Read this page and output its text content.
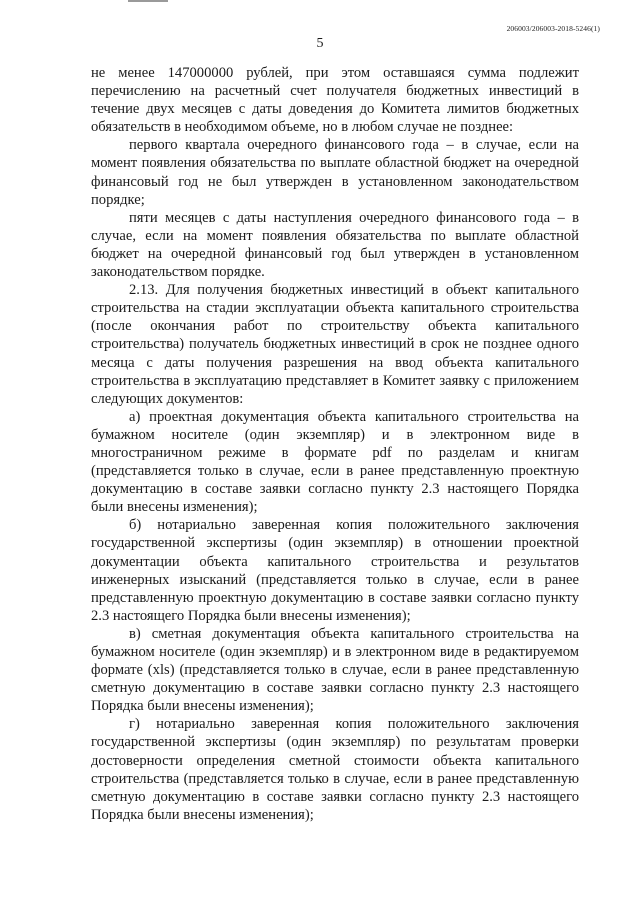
206003/206003-2018-5246(1)
5

не менее 147000000 рублей, при этом оставшаяся сумма подлежит перечислению на расчетный счет получателя бюджетных инвестиций в течение двух месяцев с даты доведения до Комитета лимитов бюджетных обязательств в необходимом объеме, но в любом случае не позднее:

первого квартала очередного финансового года – в случае, если на момент появления обязательства по выплате областной бюджет на очередной финансовый год не был утвержден в установленном законодательством порядке;

пяти месяцев с даты наступления очередного финансового года – в случае, если на момент появления обязательства по выплате областной бюджет на очередной финансовый год был утвержден в установленном законодательством порядке.

2.13. Для получения бюджетных инвестиций в объект капитального строительства на стадии эксплуатации объекта капитального строительства (после окончания работ по строительству объекта капитального строительства) получатель бюджетных инвестиций в срок не позднее одного месяца с даты получения разрешения на ввод объекта капитального строительства в эксплуатацию представляет в Комитет заявку с приложением следующих документов:

а) проектная документация объекта капитального строительства на бумажном носителе (один экземпляр) и в электронном виде в многостраничном режиме в формате pdf по разделам и книгам (представляется только в случае, если в ранее представленную проектную документацию в составе заявки согласно пункту 2.3 настоящего Порядка были внесены изменения);

б) нотариально заверенная копия положительного заключения государственной экспертизы (один экземпляр) в отношении проектной документации объекта капитального строительства и результатов инженерных изысканий (представляется только в случае, если в ранее представленную проектную документацию в составе заявки согласно пункту 2.3 настоящего Порядка были внесены изменения);

в) сметная документация объекта капитального строительства на бумажном носителе (один экземпляр) и в электронном виде в редактируемом формате (xls) (представляется только в случае, если в ранее представленную сметную документацию в составе заявки согласно пункту 2.3 настоящего Порядка были внесены изменения);

г) нотариально заверенная копия положительного заключения государственной экспертизы (один экземпляр) по результатам проверки достоверности определения сметной стоимости объекта капитального строительства (представляется только в случае, если в ранее представленную сметную документацию в составе заявки согласно пункту 2.3 настоящего Порядка были внесены изменения);
